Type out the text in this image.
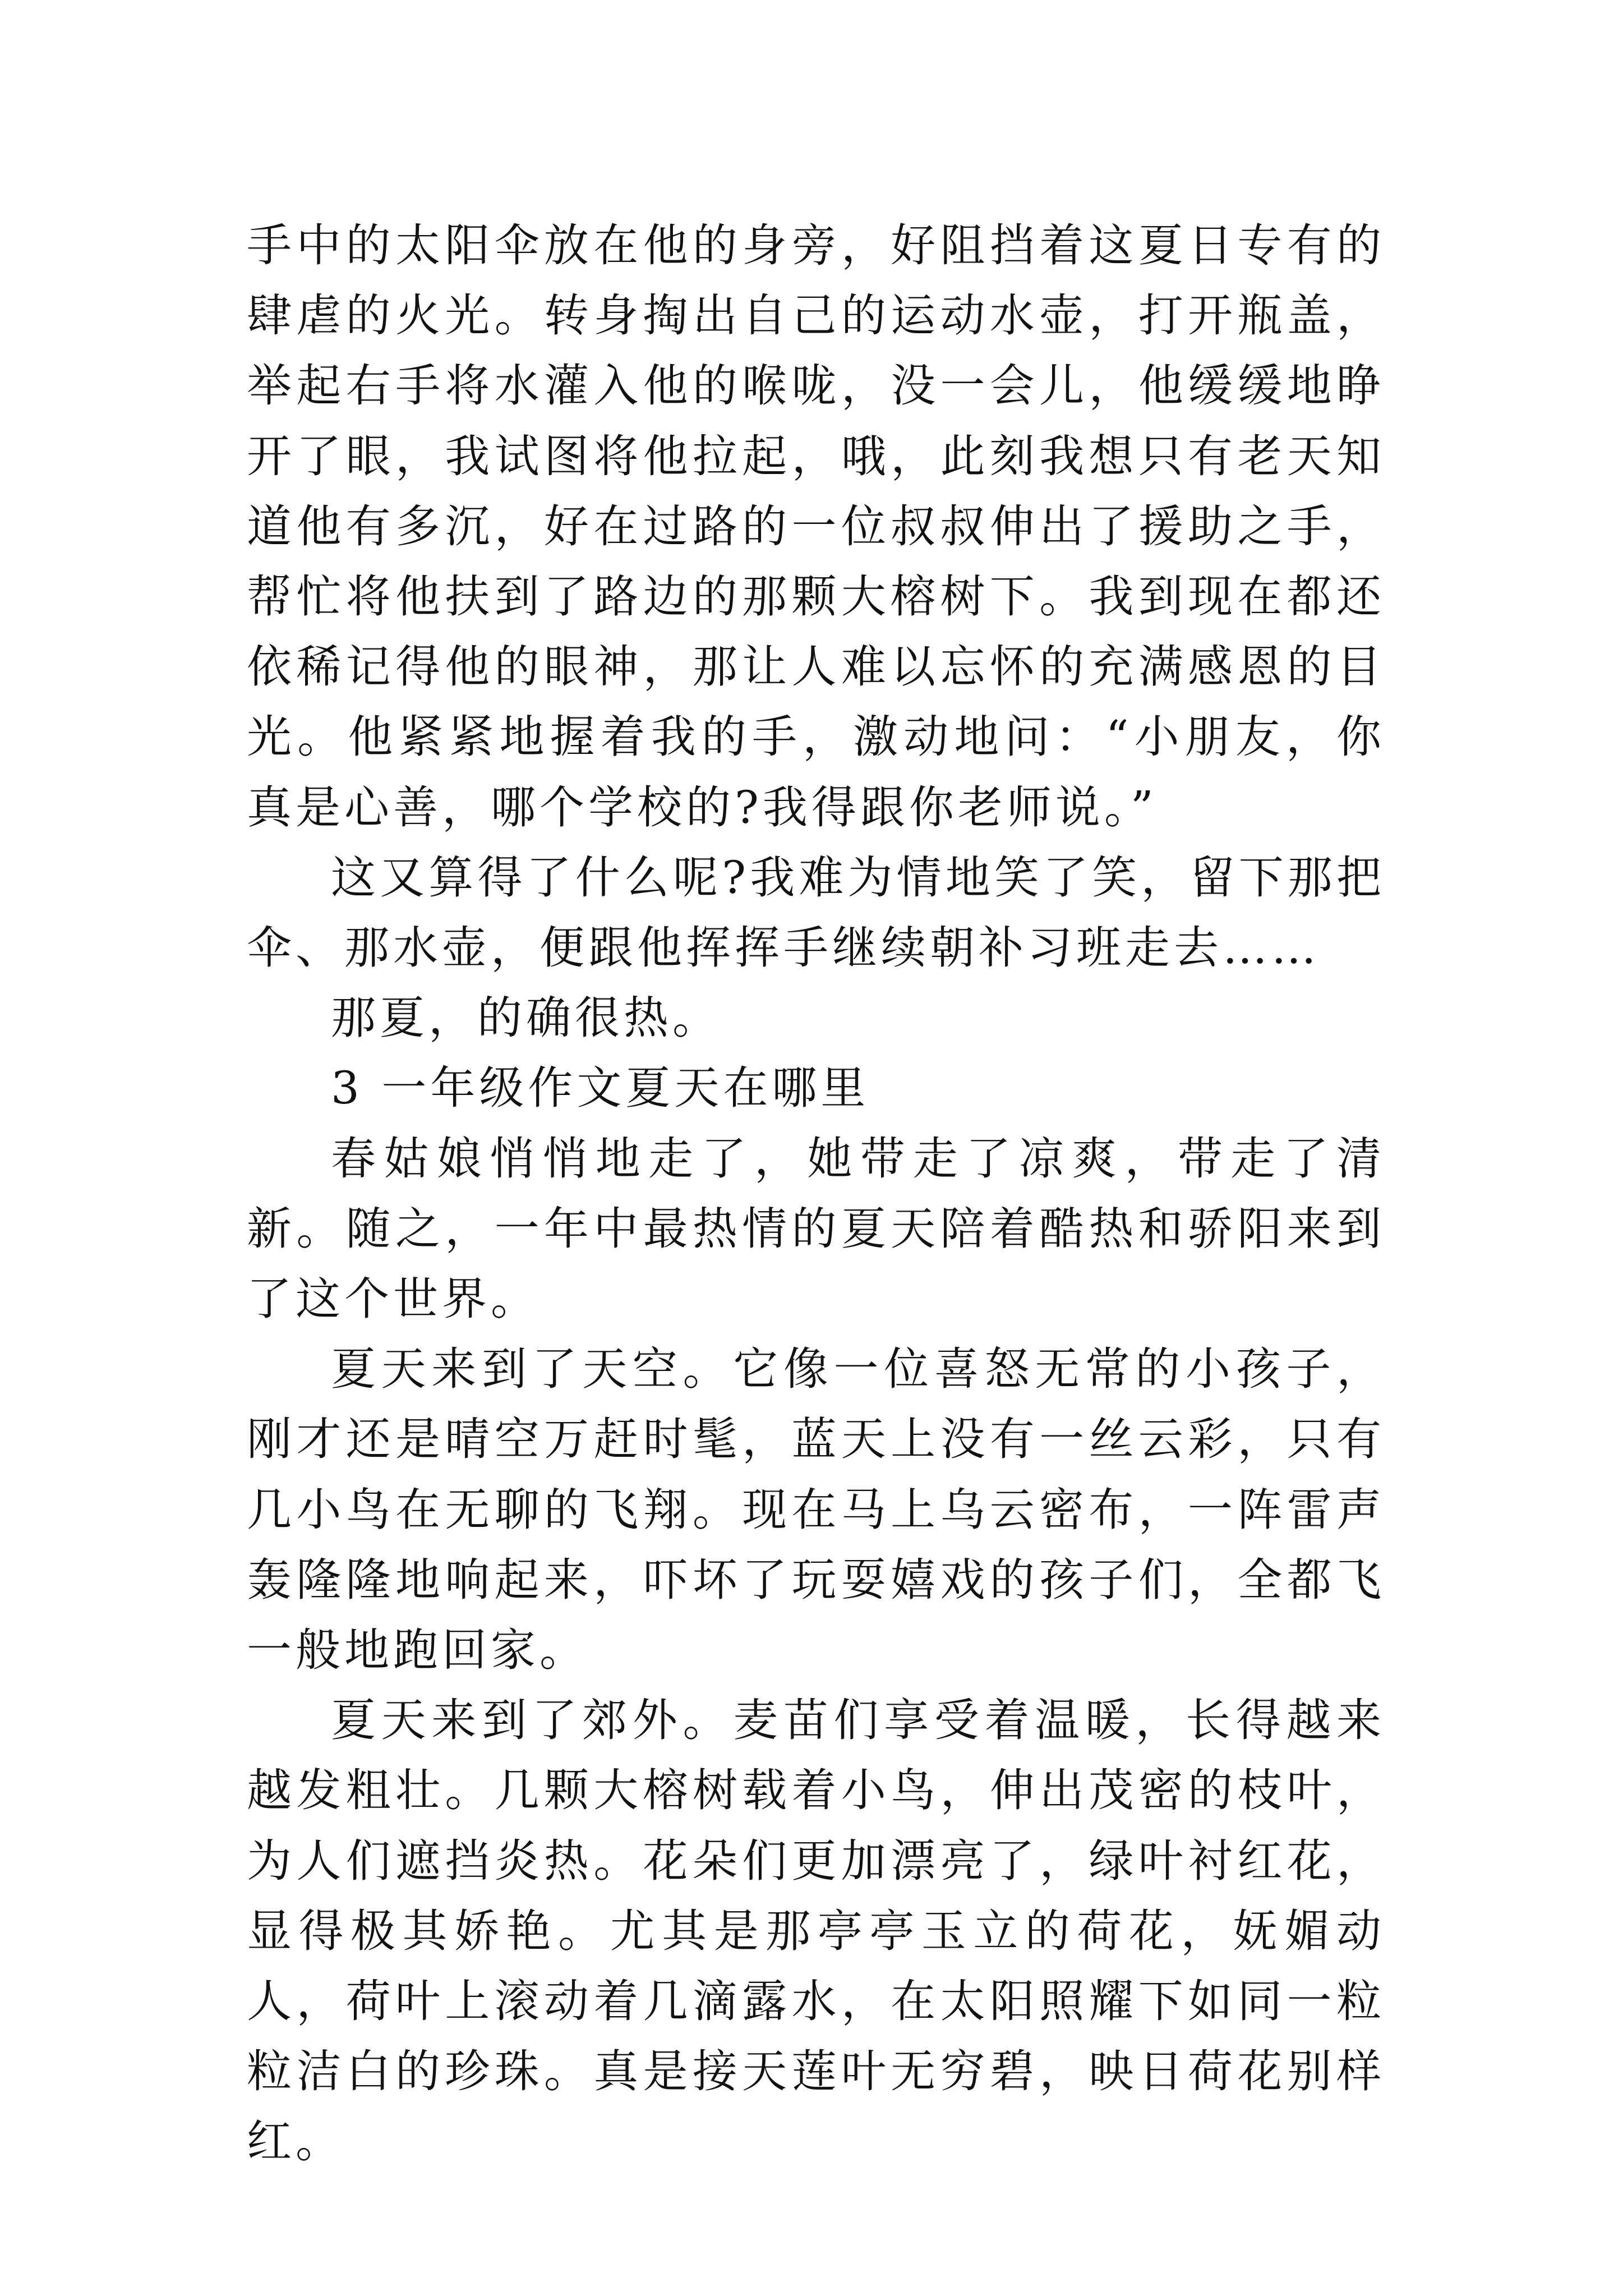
手中的太阳伞放在他的身旁，好阻挡着这夏日专有的肆虐的火光。转身掏出自己的运动水壶，打开瓶盖，举起右手将水灌入他的喉咙，没一会儿，他缓缓地睁开了眼，我试图将他拉起，哦，此刻我想只有老天知道他有多沉，好在过路的一位叔叔伸出了援助之手，帮忙将他扶到了路边的那颗大榕树下。我到现在都还依稀记得他的眼神，那让人难以忘怀的充满感恩的目光。他紧紧地握着我的手，激动地问：“小朋友，你真是心善，哪个学校的?我得跟你老师说。”

这又算得了什么呢?我难为情地笑了笑，留下那把伞、那水壶，便跟他挥挥手继续朝补习班走去……

那夏，的确很热。

3 一年级作文夏天在哪里

春姑娘悄悄地走了，她带走了凉爽，带走了清新。随之，一年中最热情的夏天陪着酷热和骄阳来到了这个世界。

夏天来到了天空。它像一位喜怒无常的小孩子，刚才还是晴空万赶时髦，蓝天上没有一丝云彩，只有几小鸟在无聊的飞翔。现在马上乌云密布，一阵雷声轰隆隆地响起来，吓坏了玩耍嬉戏的孩子们，全都飞一般地跑回家。

夏天来到了郊外。麦苗们享受着温暖，长得越来越发粗壮。几颗大榕树载着小鸟，伸出茂密的枝叶，为人们遮挡炎热。花朵们更加漂亮了，绿叶衬红花，显得极其娇艳。尤其是那亭亭玉立的荷花，妩媚动人，荷叶上滚动着几滴露水，在太阳照耀下如同一粒粒洁白的珍珠。真是接天莲叶无穷碧，映日荷花别样红。
